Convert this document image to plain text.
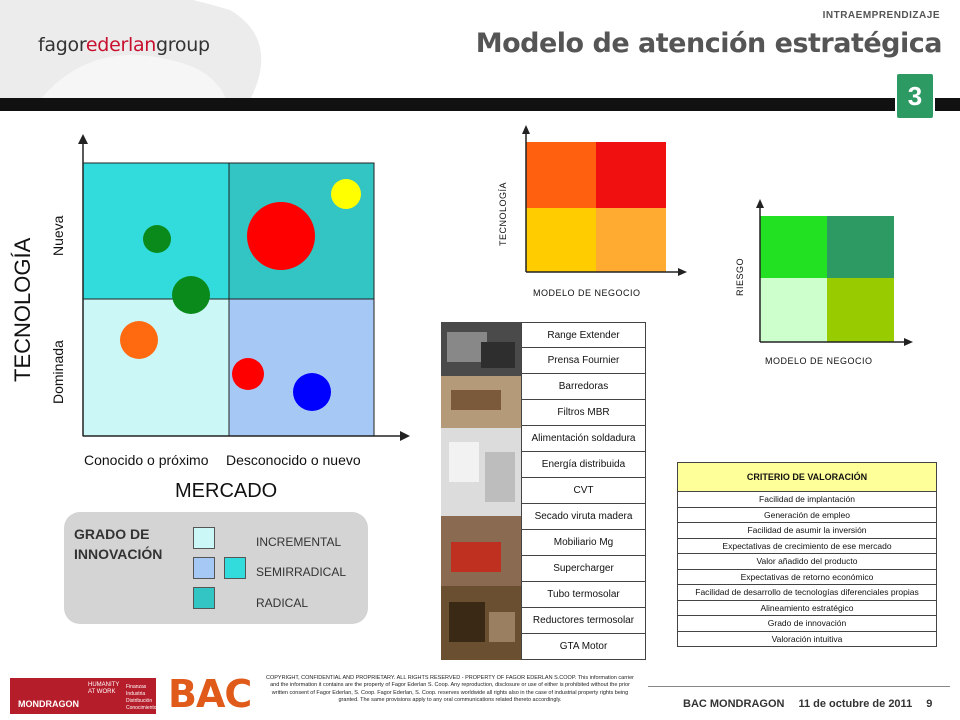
fagorederlangroup
INTRAEMPRENDIZAJE
Modelo de atención estratégica
3
TECNOLOGÍA
Nueva
Dominada
Conocido o próximo Desconocido o nuevo
MERCADO
GRADO DE
INNOVACIÓN
INCREMENTAL
SEMIRRADICAL
RADICAL
TECNOLOGÍA
MODELO DE NEGOCIO	RIESGO
MODELO DE NEGOCIO
Range Extender
Prensa Fournier
Barredoras
Filtros MBR
Alimentación soldadura
Energía distribuida
CVT
Secado viruta madera
Mobiliario Mg
Supercharger
Tubo termosolar
Reductores termosolar
GTA Motor
CRITERIO DE VALORACIÓN
Facilidad de implantación
Generación de empleo
Facilidad de asumir la inversión
Expectativas de crecimiento de ese mercado
Valor añadido del producto
Expectativas de retorno económico
Facilidad de desarrollo de tecnologías diferenciales propias
Alineamiento estratégico
Grado de innovación
Valoración intuitiva
MONDRAGON
HUMANITY AT WORK
Finanzas Industria Distribución Conocimiento BAC	COPYRIGHT, CONFIDENTIAL AND PROPRIETARY. ALL RIGHTS RESERVED - PROPERTY OF FAGOR EDERLAN S.COOP. This information carrier and the information it contains are the property of Fagor Ederlan S. Coop. Any reproduction, disclosure or use of either is prohibited without the prior written consent of Fagor Ederlan, S. Coop. Fagor Ederlan, S. Coop. reserves worldwide all rights also in the case of industrial property rights being granted. The same provisions apply to any oral communications related thereto accordingly.	BAC MONDRAGON 11 de octubre de 2011 9
